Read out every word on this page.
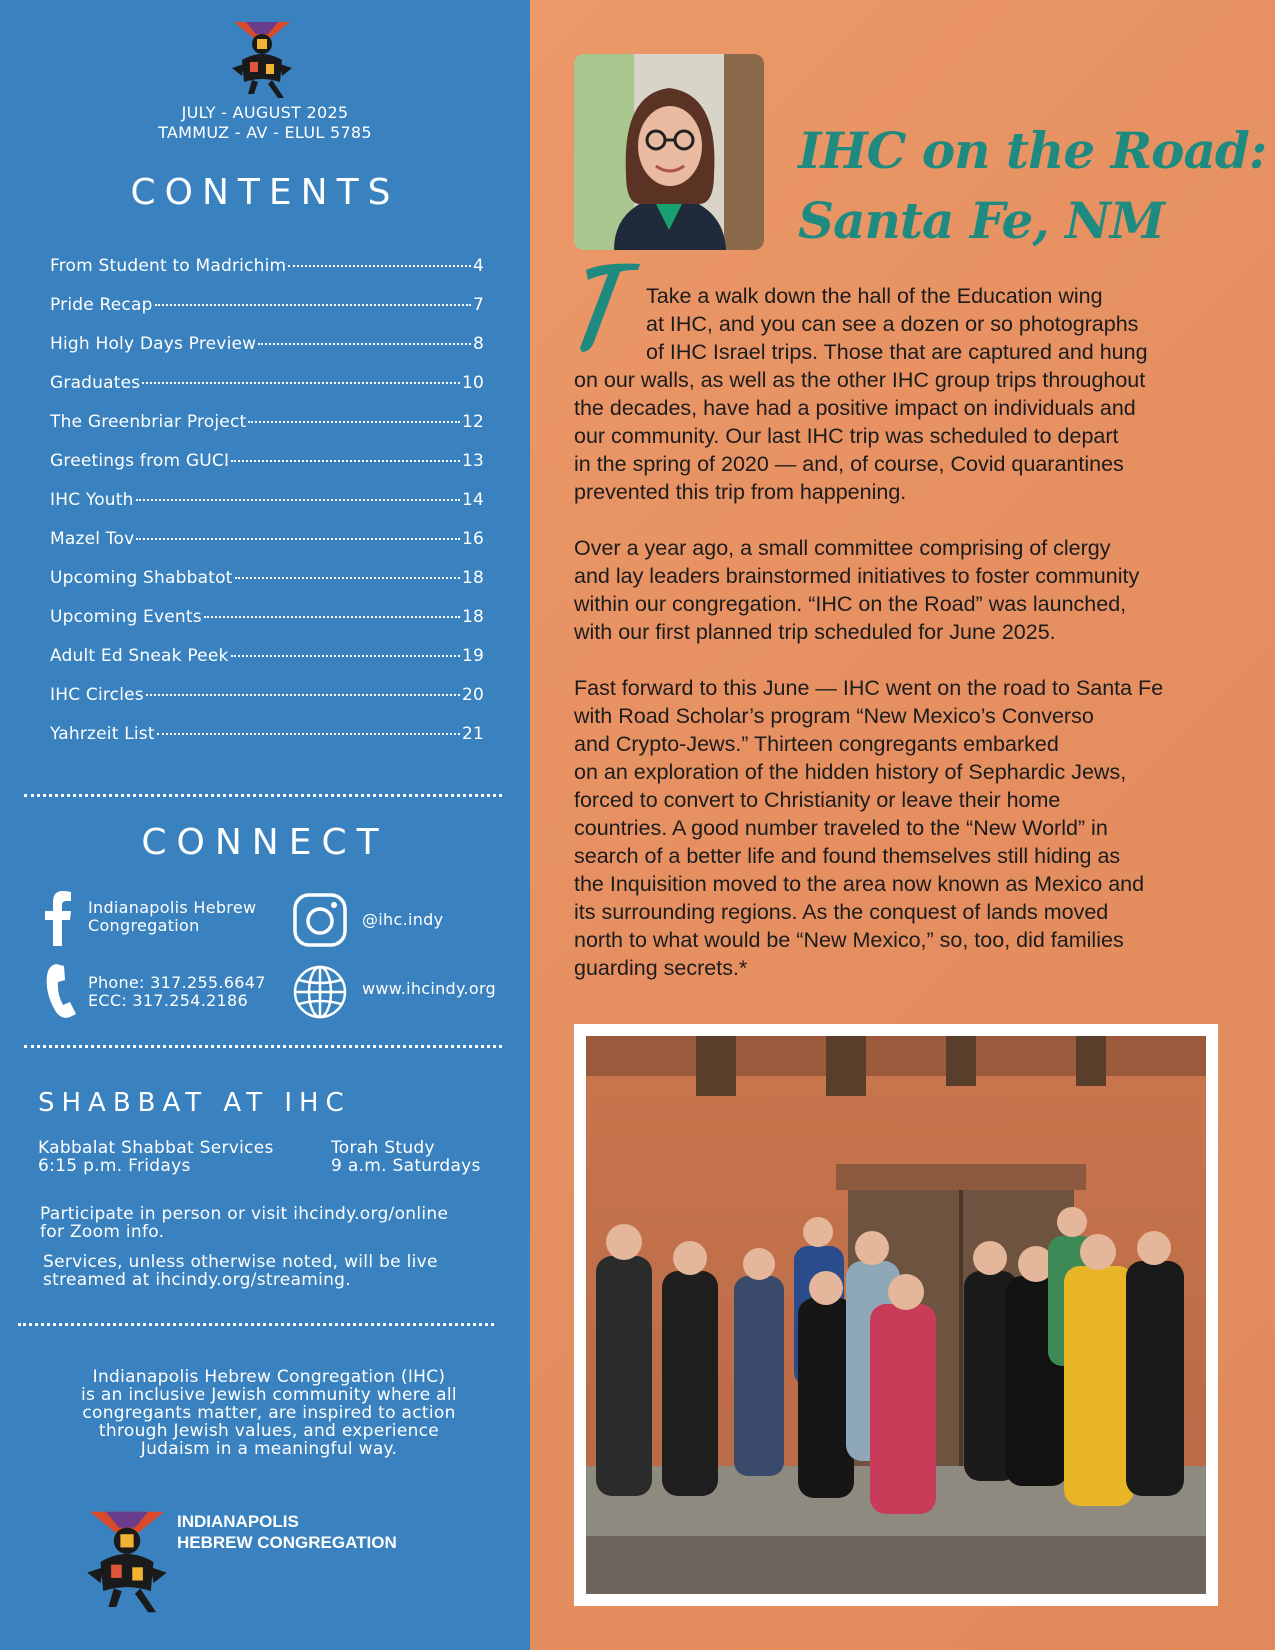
JULY - AUGUST 2025
TAMMUZ - AV - ELUL 5785
CONTENTS
From Student to Madrichim	4
Pride Recap	7
High Holy Days Preview	8
Graduates	10
The Greenbriar Project	12
Greetings from GUCI	13
IHC Youth	14
Mazel Tov	16
Upcoming Shabbatot	18
Upcoming Events	18
Adult Ed Sneak Peek	19
IHC Circles	20
Yahrzeit List	21
CONNECT
Indianapolis Hebrew
Congregation	@ihc.indy
Phone: 317.255.6647
ECC: 317.254.2186
www.ihcindy.org
SHABBAT AT IHC
Kabbalat Shabbat Services
6:15 p.m. Fridays
Torah Study
9 a.m. Saturdays
Participate in person or visit ihcindy.org/online
for Zoom info.
Services, unless otherwise noted, will be live
streamed at ihcindy.org/streaming.
Indianapolis Hebrew Congregation (IHC)
is an inclusive Jewish community where all
congregants matter, are inspired to action
through Jewish values, and experience
Judaism in a meaningful way.
INDIANAPOLIS
HEBREW CONGREGATION
IHC on the Road:
Santa Fe, NM
T

Take a walk down the hall of the Education wing
at IHC, and you can see a dozen or so photographs
of IHC Israel trips. Those that are captured and hung
on our walls, as well as the other IHC group trips throughout
the decades, have had a positive impact on individuals and
our community. Our last IHC trip was scheduled to depart
in the spring of 2020 — and, of course, Covid quarantines
prevented this trip from happening.

Over a year ago, a small committee comprising of clergy
and lay leaders brainstormed initiatives to foster community
within our congregation. “IHC on the Road” was launched,
with our first planned trip scheduled for June 2025.

Fast forward to this June — IHC went on the road to Santa Fe
with Road Scholar’s program “New Mexico’s Converso
and Crypto-Jews.” Thirteen congregants embarked
on an exploration of the hidden history of Sephardic Jews,
forced to convert to Christianity or leave their home
countries. A good number traveled to the “New World” in
search of a better life and found themselves still hiding as
the Inquisition moved to the area now known as Mexico and
its surrounding regions. As the conquest of lands moved
north to what would be “New Mexico,” so, too, did families
guarding secrets.*
